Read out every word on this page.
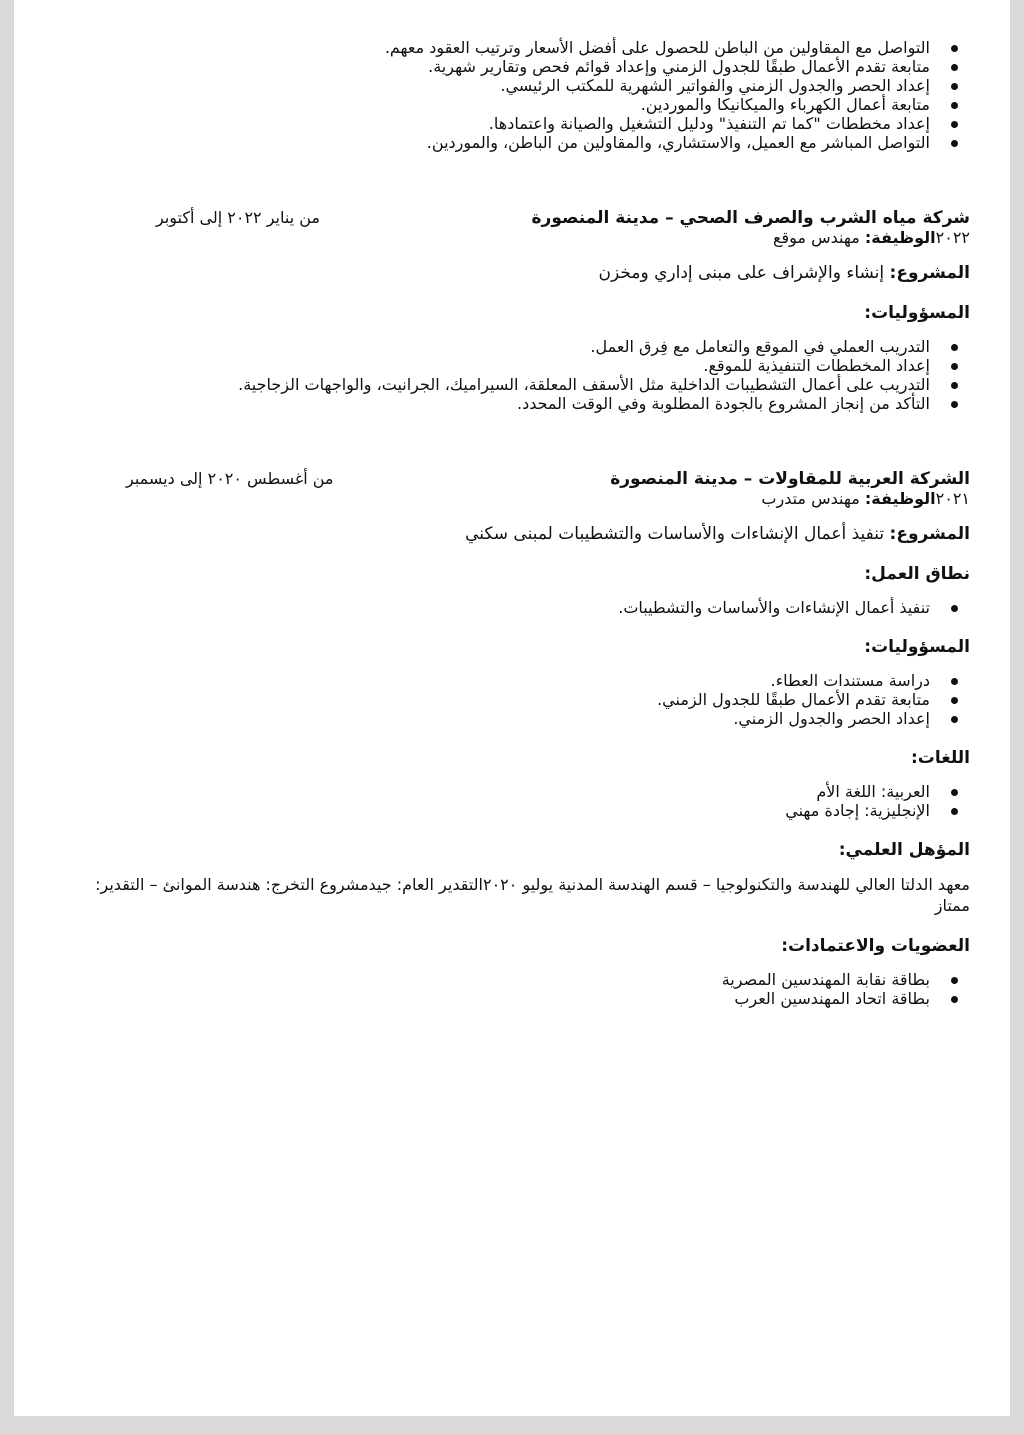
التواصل مع المقاولين من الباطن للحصول على أفضل الأسعار وترتيب العقود معهم.
متابعة تقدم الأعمال طبقًا للجدول الزمني وإعداد قوائم فحص وتقارير شهرية.
إعداد الحصر والجدول الزمني والفواتير الشهرية للمكتب الرئيسي.
متابعة أعمال الكهرباء والميكانيكا والموردين.
إعداد مخططات "كما تم التنفيذ" ودليل التشغيل والصيانة واعتمادها.
التواصل المباشر مع العميل، والاستشاري، والمقاولين من الباطن، والموردين.
شركة مياه الشرب والصرف الصحي – مدينة المنصورة
من يناير ٢٠٢٢ إلى أكتوبر
٢٠٢٢الوظيفة: مهندس موقع
المشروع: إنشاء والإشراف على مبنى إداري ومخزن
المسؤوليات:
التدريب العملي في الموقع والتعامل مع فِرق العمل.
إعداد المخططات التنفيذية للموقع.
التدريب على أعمال التشطيبات الداخلية مثل الأسقف المعلقة، السيراميك، الجرانيت، والواجهات الزجاجية.
التأكد من إنجاز المشروع بالجودة المطلوبة وفي الوقت المحدد.
الشركة العربية للمقاولات – مدينة المنصورة
من أغسطس ٢٠٢٠ إلى ديسمبر
٢٠٢١الوظيفة: مهندس متدرب
المشروع: تنفيذ أعمال الإنشاءات والأساسات والتشطيبات لمبنى سكني
نطاق العمل:
تنفيذ أعمال الإنشاءات والأساسات والتشطيبات.
المسؤوليات:
دراسة مستندات العطاء.
متابعة تقدم الأعمال طبقًا للجدول الزمني.
إعداد الحصر والجدول الزمني.
اللغات:
العربية: اللغة الأم
الإنجليزية: إجادة مهني
المؤهل العلمي:
معهد الدلتا العالي للهندسة والتكنولوجيا – قسم الهندسة المدنية يوليو ٢٠٢٠التقدير العام: جيدمشروع التخرج: هندسة الموانئ – التقدير: ممتاز
العضويات والاعتمادات:
بطاقة نقابة المهندسين المصرية
بطاقة اتحاد المهندسين العرب
